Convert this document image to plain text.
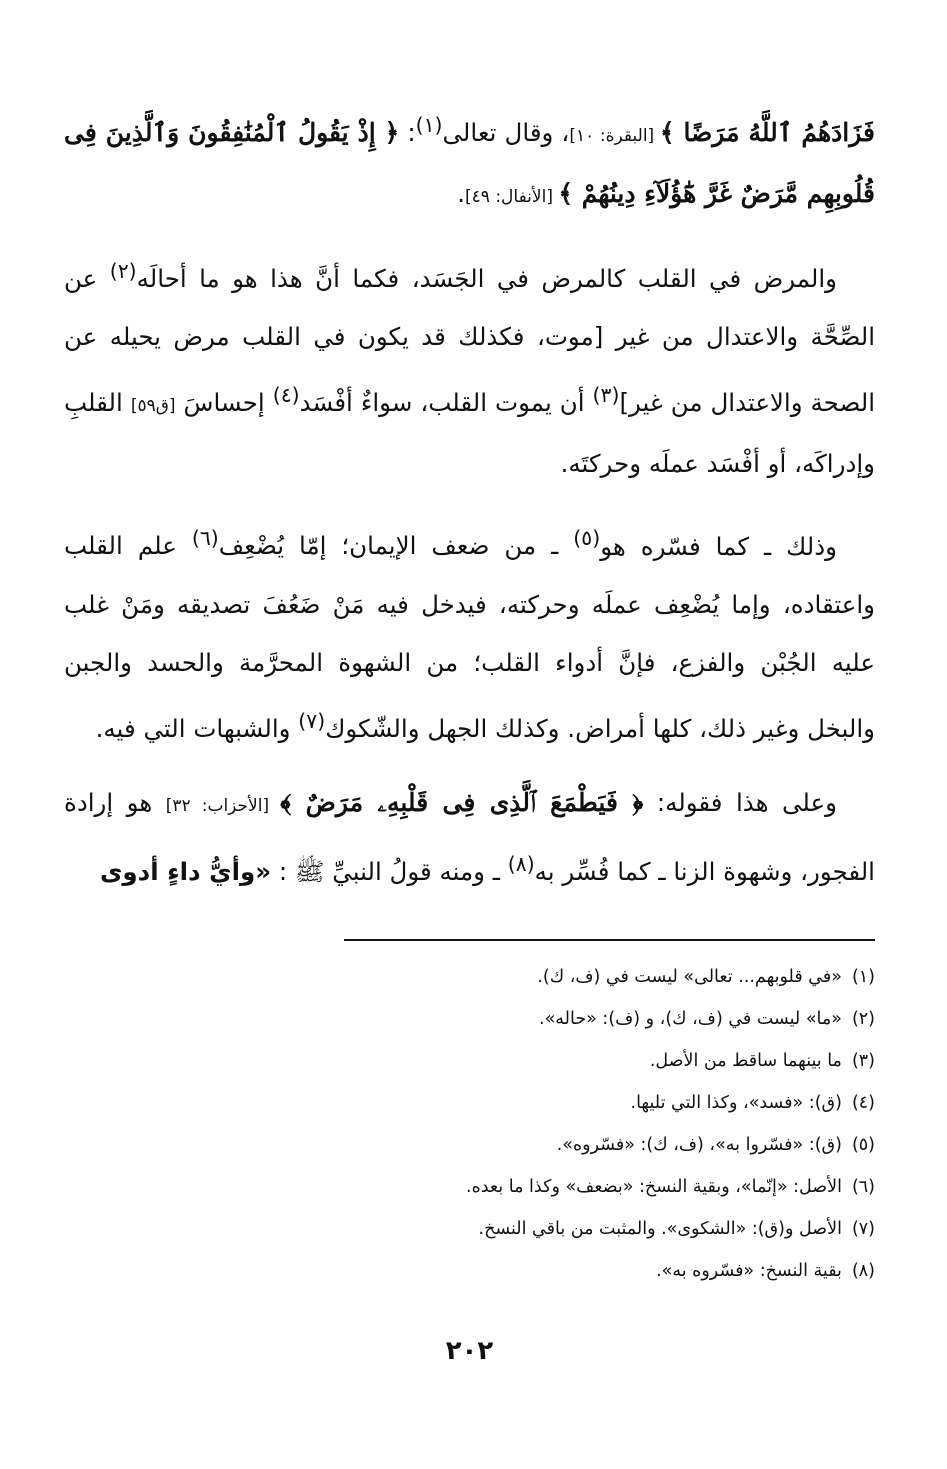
فَزَادَهُمُ ٱللَّهُ مَرَضًا ﴾ [البقرة: ١٠]، وقال تعالى$^{(١)}$: ﴿ إِذْ يَقُولُ ٱلْمُنَٰفِقُونَ وَٱلَّذِينَ فِى قُلُوبِهِم مَّرَضٌ غَرَّ هَٰٓؤُلَآءِ دِينُهُمْ ﴾ [الأنفال: ٤٩].

والمرض في القلب كالمرض في الجَسَد، فكما أنَّ هذا هو ما أحالَه$^{(٢)}$ عن الصِّحَّة والاعتدال من غير [موت، فكذلك قد يكون في القلب مرض يحيله عن الصحة والاعتدال من غير]$^{(٣)}$ أن يموت القلب، سواءٌ أفْسَد$^{(٤)}$ إحساسَ [ق٥٩] القلبِ وإدراكَه، أو أفْسَد عملَه وحركتَه.

وذلك ـ كما فسّره هو$^{(٥)}$ ـ من ضعف الإيمان؛ إمّا يُضْعِف$^{(٦)}$ علم القلب واعتقاده، وإما يُضْعِف عملَه وحركته، فيدخل فيه مَنْ ضَعُفَ تصديقه ومَنْ غلب عليه الجُبْن والفزع، فإنَّ أدواء القلب؛ من الشهوة المحرَّمة والحسد والجبن والبخل وغير ذلك، كلها أمراض. وكذلك الجهل والشّكوك$^{(٧)}$ والشبهات التي فيه.

وعلى هذا فقوله: ﴿ فَيَطْمَعَ ٱلَّذِى فِى قَلْبِهِۦ مَرَضٌ ﴾ [الأحزاب: ٣٢] هو إرادة الفجور، وشهوة الزنا ـ كما فُسِّر به$^{(٨)}$ ـ ومنه قولُ النبيِّ ﷺ : «وأيُّ داءٍ أدوى

(١)«في قلوبهم... تعالى» ليست في (ف، ك).
(٢)«ما» ليست في (ف، ك)، و (ف): «حاله».
(٣)ما بينهما ساقط من الأصل.
(٤)(ق): «فسد»، وكذا التي تليها.
(٥)(ق): «فسّروا به»، (ف، ك): «فسّروه».
(٦)الأصل: «إنّما»، وبقية النسخ: «بضعف» وكذا ما بعده.
(٧)الأصل و(ق): «الشكوى». والمثبت من باقي النسخ.
(٨)بقية النسخ: «فسّروه به».
٢٠٢
